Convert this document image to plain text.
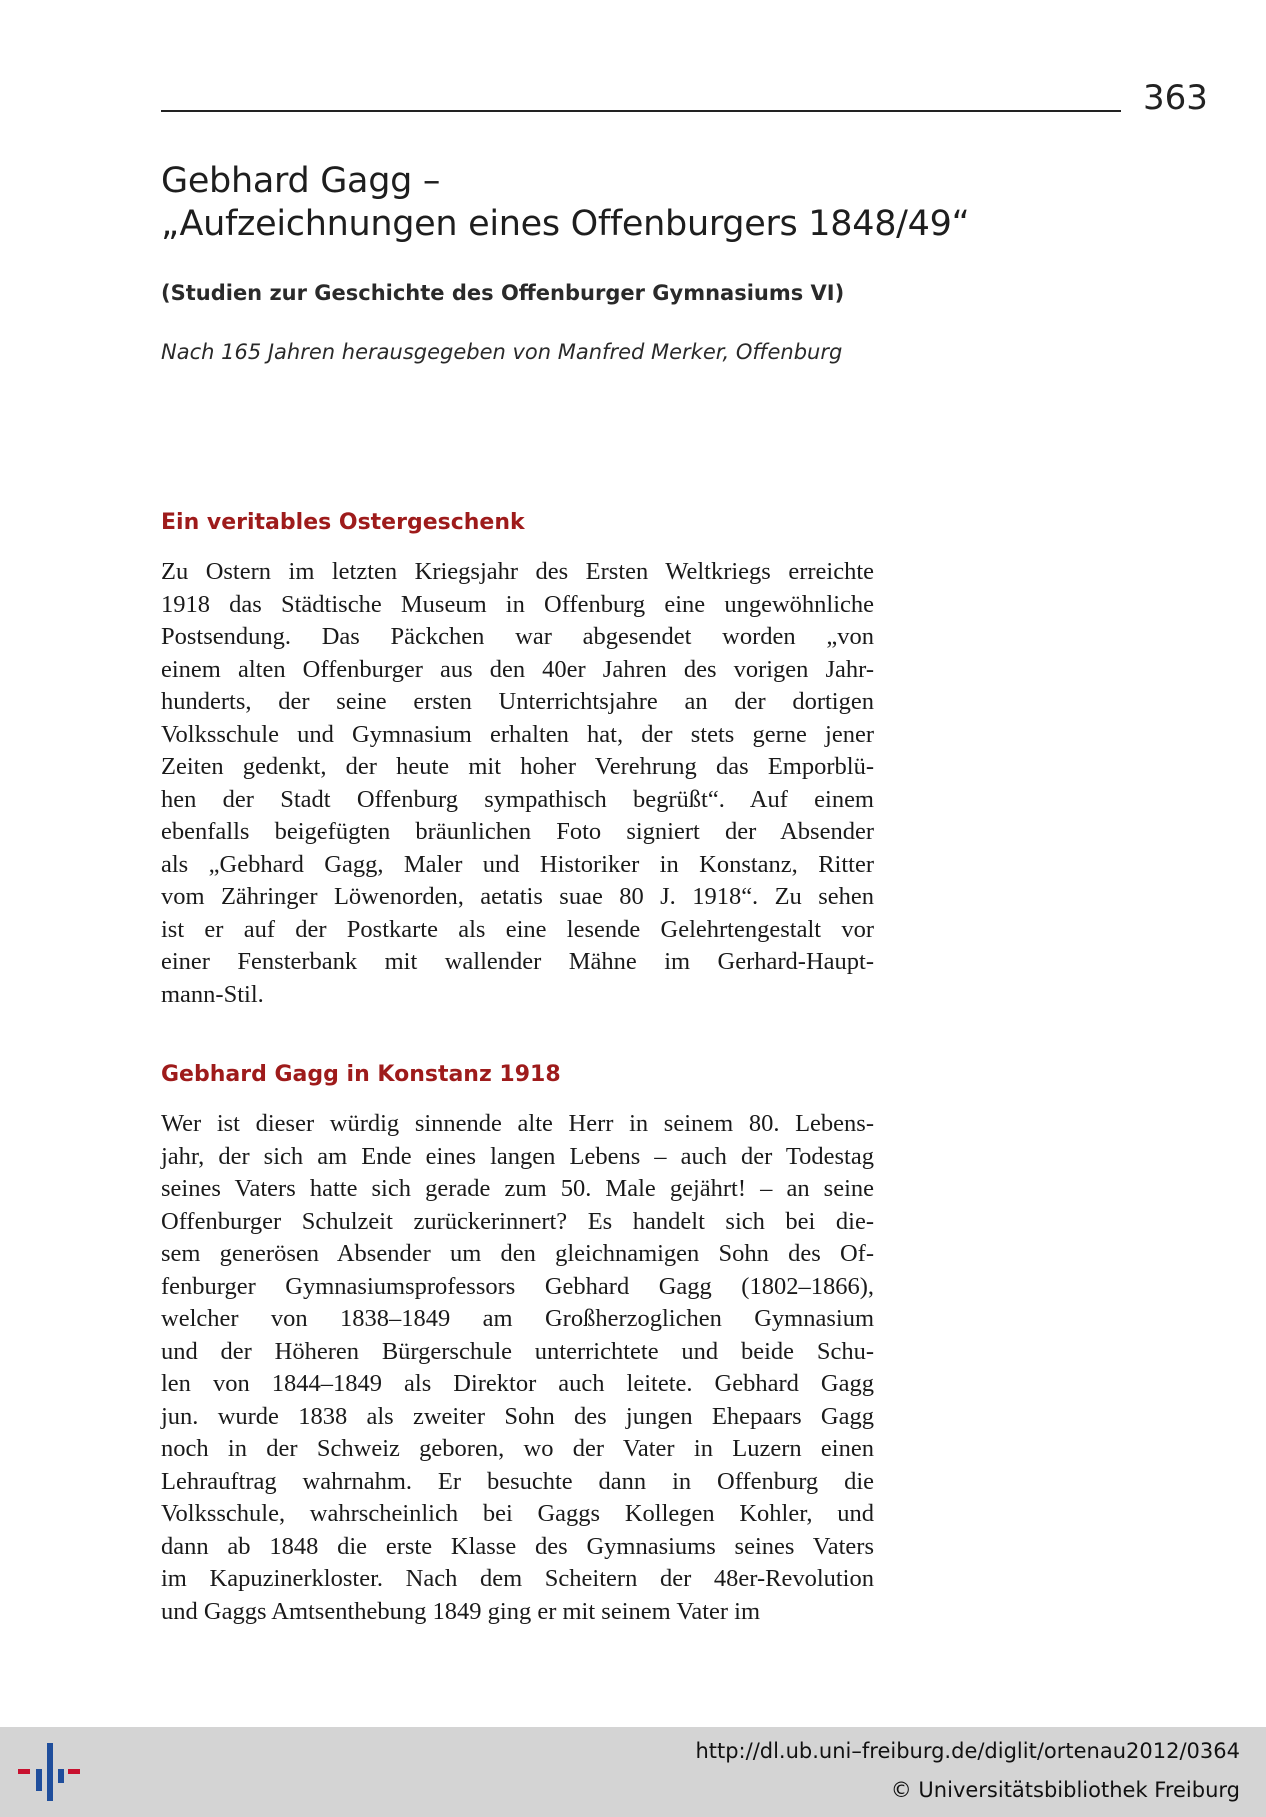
363
Gebhard Gagg –
„Aufzeichnungen eines Offenburgers 1848/49“
(Studien zur Geschichte des Offenburger Gymnasiums VI)
Nach 165 Jahren herausgegeben von Manfred Merker, Offenburg
Ein veritables Ostergeschenk
Zu Ostern im letzten Kriegsjahr des Ersten Weltkriegs erreichte
1918 das Städtische Museum in Offenburg eine ungewöhnliche
Postsendung. Das Päckchen war abgesendet worden „von
einem alten Offenburger aus den 40er Jahren des vorigen Jahr-
hunderts, der seine ersten Unterrichtsjahre an der dortigen
Volksschule und Gymnasium erhalten hat, der stets gerne jener
Zeiten gedenkt, der heute mit hoher Verehrung das Emporblü-
hen der Stadt Offenburg sympathisch begrüßt“. Auf einem
ebenfalls beigefügten bräunlichen Foto signiert der Absender
als „Gebhard Gagg, Maler und Historiker in Konstanz, Ritter
vom Zähringer Löwenorden, aetatis suae 80 J. 1918“. Zu sehen
ist er auf der Postkarte als eine lesende Gelehrtengestalt vor
einer Fensterbank mit wallender Mähne im Gerhard-Haupt-
mann-Stil.
Gebhard Gagg in Konstanz 1918
Wer ist dieser würdig sinnende alte Herr in seinem 80. Lebens-
jahr, der sich am Ende eines langen Lebens – auch der Todestag
seines Vaters hatte sich gerade zum 50. Male gejährt! – an seine
Offenburger Schulzeit zurückerinnert? Es handelt sich bei die-
sem generösen Absender um den gleichnamigen Sohn des Of-
fenburger Gymnasiumsprofessors Gebhard Gagg (1802–1866),
welcher von 1838–1849 am Großherzoglichen Gymnasium
und der Höheren Bürgerschule unterrichtete und beide Schu-
len von 1844–1849 als Direktor auch leitete. Gebhard Gagg
jun. wurde 1838 als zweiter Sohn des jungen Ehepaars Gagg
noch in der Schweiz geboren, wo der Vater in Luzern einen
Lehrauftrag wahrnahm. Er besuchte dann in Offenburg die
Volksschule, wahrscheinlich bei Gaggs Kollegen Kohler, und
dann ab 1848 die erste Klasse des Gymnasiums seines Vaters
im Kapuzinerkloster. Nach dem Scheitern der 48er-Revolution
und Gaggs Amtsenthebung 1849 ging er mit seinem Vater im
http://dl.ub.uni–freiburg.de/diglit/ortenau2012/0364
© Universitätsbibliothek Freiburg
